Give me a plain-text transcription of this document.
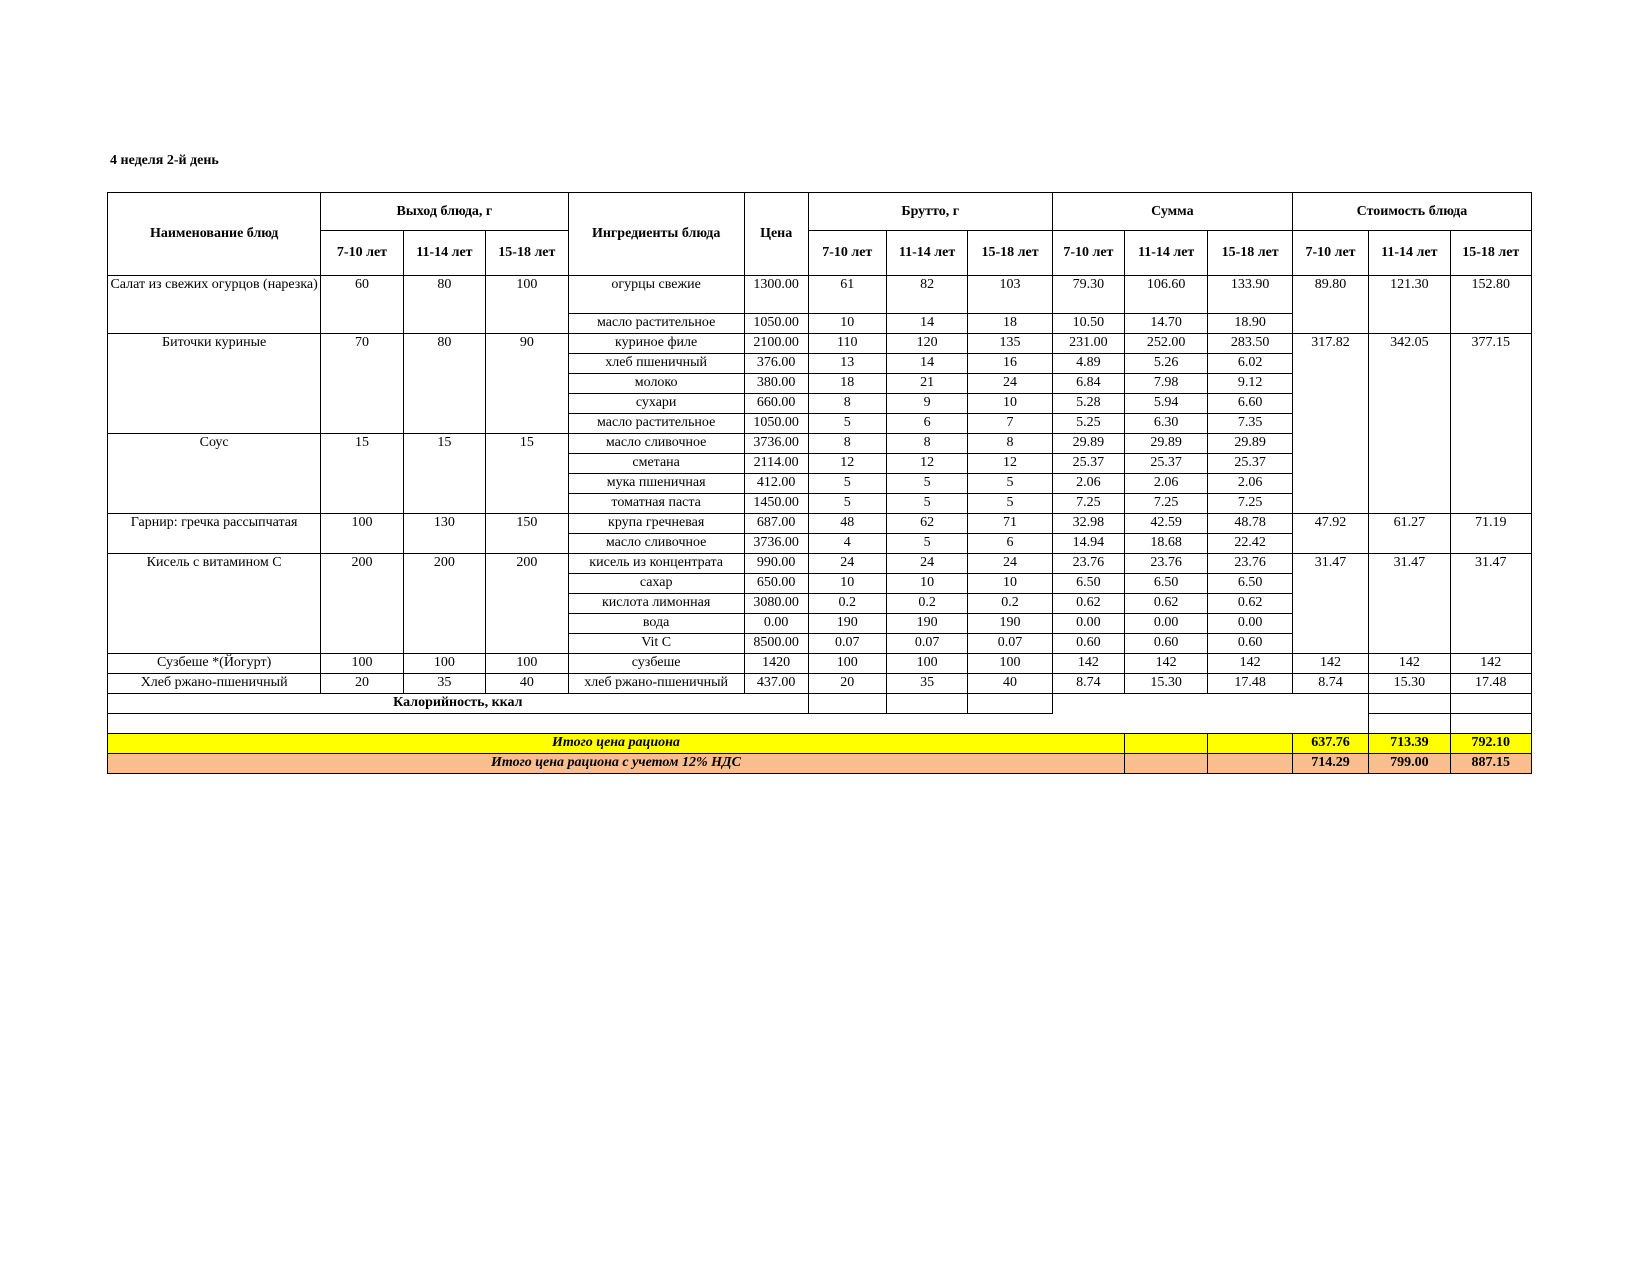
4 неделя 2-й день
Наименование блюд	Выход блюда, г			Ингредиенты блюда	Цена	Брутто, г			Сумма			Стоимость блюда		
	7-10 лет	11-14 лет	15-18 лет			7-10 лет	11-14 лет	15-18 лет	7-10 лет	11-14 лет	15-18 лет	7-10 лет	11-14 лет	15-18 лет
Салат из свежих огурцов (нарезка)	60	80	100	огурцы свежие	1300.00	61	82	103	79.30	106.60	133.90	89.80	121.30	152.80
				масло растительное	1050.00	10	14	18	10.50	14.70	18.90			
Биточки куриные	70	80	90	куриное филе	2100.00	110	120	135	231.00	252.00	283.50	317.82	342.05	377.15
				хлеб пшеничный	376.00	13	14	16	4.89	5.26	6.02			
				молоко	380.00	18	21	24	6.84	7.98	9.12			
				сухари	660.00	8	9	10	5.28	5.94	6.60			
				масло растительное	1050.00	5	6	7	5.25	6.30	7.35			
Соус	15	15	15	масло сливочное	3736.00	8	8	8	29.89	29.89	29.89			
				сметана	2114.00	12	12	12	25.37	25.37	25.37			
				мука пшеничная	412.00	5	5	5	2.06	2.06	2.06			
				томатная паста	1450.00	5	5	5	7.25	7.25	7.25			
Гарнир: гречка рассыпчатая	100	130	150	крупа гречневая	687.00	48	62	71	32.98	42.59	48.78	47.92	61.27	71.19
				масло сливочное	3736.00	4	5	6	14.94	18.68	22.42			
Кисель с витамином С	200	200	200	кисель из концентрата	990.00	24	24	24	23.76	23.76	23.76	31.47	31.47	31.47
				сахар	650.00	10	10	10	6.50	6.50	6.50			
				кислота лимонная	3080.00	0.2	0.2	0.2	0.62	0.62	0.62			
				вода	0.00	190	190	190	0.00	0.00	0.00			
				Vit C	8500.00	0.07	0.07	0.07	0.60	0.60	0.60			
Сузбеше *(Йогурт)	100	100	100	сузбеше	1420	100	100	100	142	142	142	142	142	142
Хлеб ржано-пшеничный	20	35	40	хлеб ржано-пшеничный	437.00	20	35	40	8.74	15.30	17.48	8.74	15.30	17.48
Калорийность, ккал														

Итого цена рациона												637.76	713.39	792.10
Итого цена рациона с учетом 12% НДС												714.29	799.00	887.15
